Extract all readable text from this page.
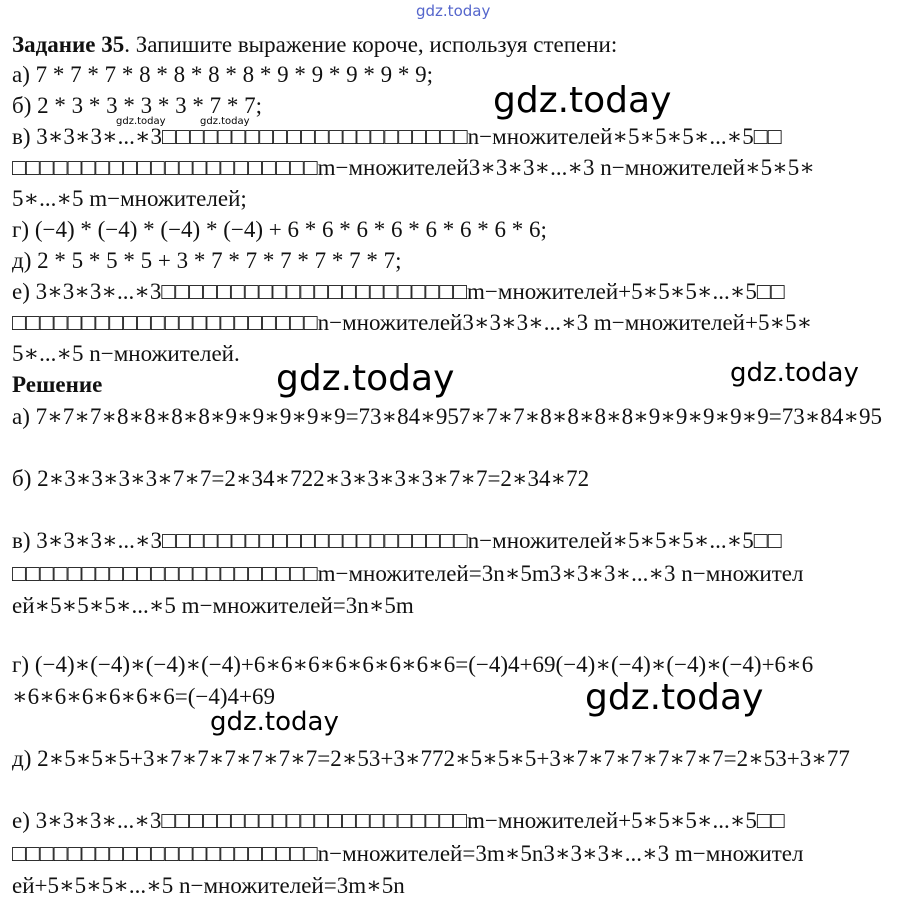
gdz.today
gdz.today
gdz.today	gdz.today
gdz.today	gdz.today
gdz.today
gdz.today
Задание 35. Запишите выражение короче, используя степени:
а) 7 * 7 * 7 * 8 * 8 * 8 * 8 * 9 * 9 * 9 * 9 * 9;
б) 2 * 3 * 3 * 3 * 3 * 7 * 7;
в) 3∗3∗3∗...∗3□□□□□□□□□□□□□□□□□□□□□□n−множителей∗5∗5∗5∗...∗5□□
□□□□□□□□□□□□□□□□□□□□□□m−множителей3∗3∗3∗...∗3 n−множителей∗5∗5∗
5∗...∗5 m−множителей;
г) (−4) * (−4) * (−4) * (−4) + 6 * 6 * 6 * 6 * 6 * 6 * 6 * 6;
д) 2 * 5 * 5 * 5 + 3 * 7 * 7 * 7 * 7 * 7 * 7;
е) 3∗3∗3∗...∗3□□□□□□□□□□□□□□□□□□□□□□m−множителей+5∗5∗5∗...∗5□□
□□□□□□□□□□□□□□□□□□□□□□n−множителей3∗3∗3∗...∗3 m−множителей+5∗5∗
5∗...∗5 n−множителей.
Решение
а) 7∗7∗7∗8∗8∗8∗8∗9∗9∗9∗9∗9=73∗84∗957∗7∗7∗8∗8∗8∗8∗9∗9∗9∗9∗9=73∗84∗95
б) 2∗3∗3∗3∗3∗7∗7=2∗34∗722∗3∗3∗3∗3∗7∗7=2∗34∗72
в) 3∗3∗3∗...∗3□□□□□□□□□□□□□□□□□□□□□□n−множителей∗5∗5∗5∗...∗5□□
□□□□□□□□□□□□□□□□□□□□□□m−множителей=3n∗5m3∗3∗3∗...∗3 n−множител
ей∗5∗5∗5∗...∗5 m−множителей=3n∗5m
г) (−4)∗(−4)∗(−4)∗(−4)+6∗6∗6∗6∗6∗6∗6∗6=(−4)4+69(−4)∗(−4)∗(−4)∗(−4)+6∗6
∗6∗6∗6∗6∗6∗6=(−4)4+69
д) 2∗5∗5∗5+3∗7∗7∗7∗7∗7∗7=2∗53+3∗772∗5∗5∗5+3∗7∗7∗7∗7∗7∗7=2∗53+3∗77
е) 3∗3∗3∗...∗3□□□□□□□□□□□□□□□□□□□□□□m−множителей+5∗5∗5∗...∗5□□
□□□□□□□□□□□□□□□□□□□□□□n−множителей=3m∗5n3∗3∗3∗...∗3 m−множител
ей+5∗5∗5∗...∗5 n−множителей=3m∗5n
